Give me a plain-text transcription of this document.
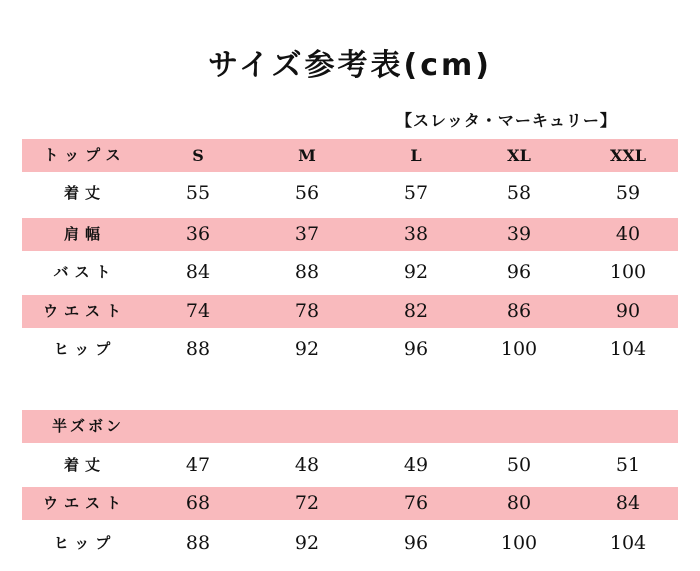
サイズ参考表(cm)
【スレッタ・マーキュリー】
トップス	S	M	L	XL	XXL
着丈	55	56	57	58	59
肩幅	36	37	38	39	40
バスト	84	88	92	96	100
ウエスト	74	78	82	86	90
ヒップ	88	92	96	100	104
半ズボン
着丈	47	48	49	50	51
ウエスト	68	72	76	80	84
ヒップ	88	92	96	100	104
